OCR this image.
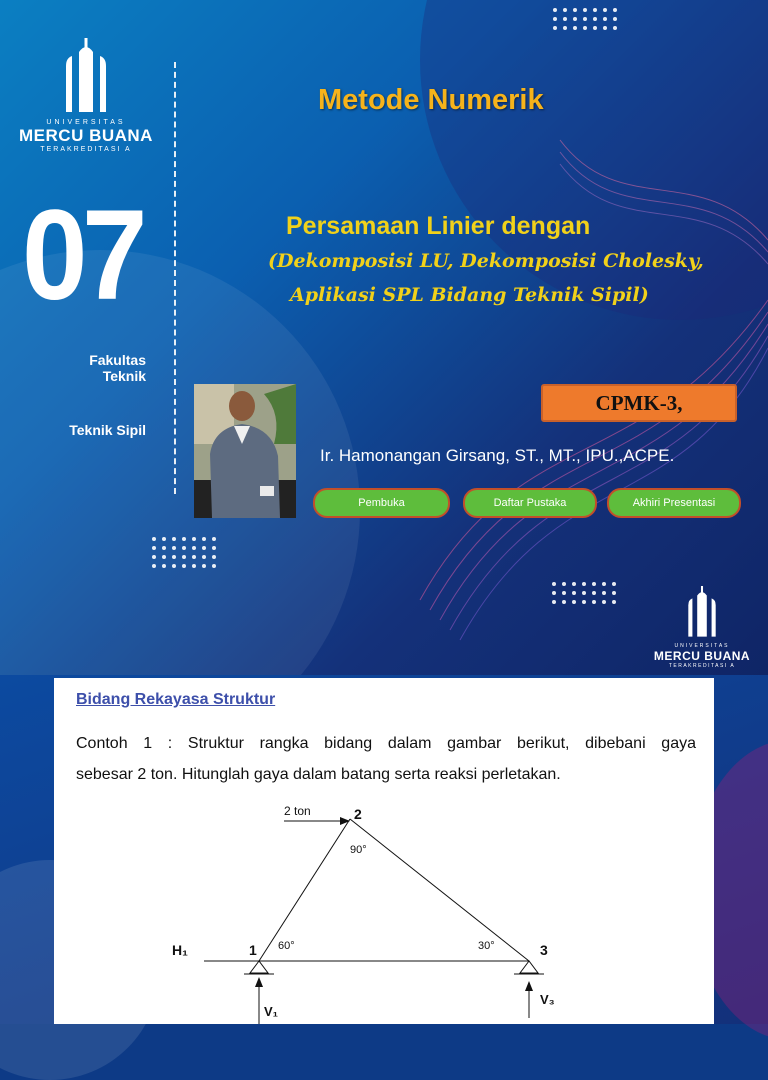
UNIVERSITAS
MERCU BUANA
TERAKREDITASI A
Metode Numerik
07
Fakultas
Teknik
Teknik Sipil
Persamaan Linier dengan
(Dekomposisi LU, Dekomposisi Cholesky,
Aplikasi SPL Bidang Teknik Sipil)
CPMK-3,
Ir. Hamonangan Girsang, ST., MT., IPU.,ACPE.
Pembuka	Daftar Pustaka	Akhiri Presentasi
UNIVERSITAS
MERCU BUANA
TERAKREDITASI A
Bidang Rekayasa Struktur
Contoh 1 : Struktur rangka bidang dalam gambar berikut, dibebani gaya
sebesar 2 ton. Hitunglah gaya dalam batang serta reaksi perletakan.
2 ton	2
90°
H₁	1 60°	30°	3
V₁
V₃
